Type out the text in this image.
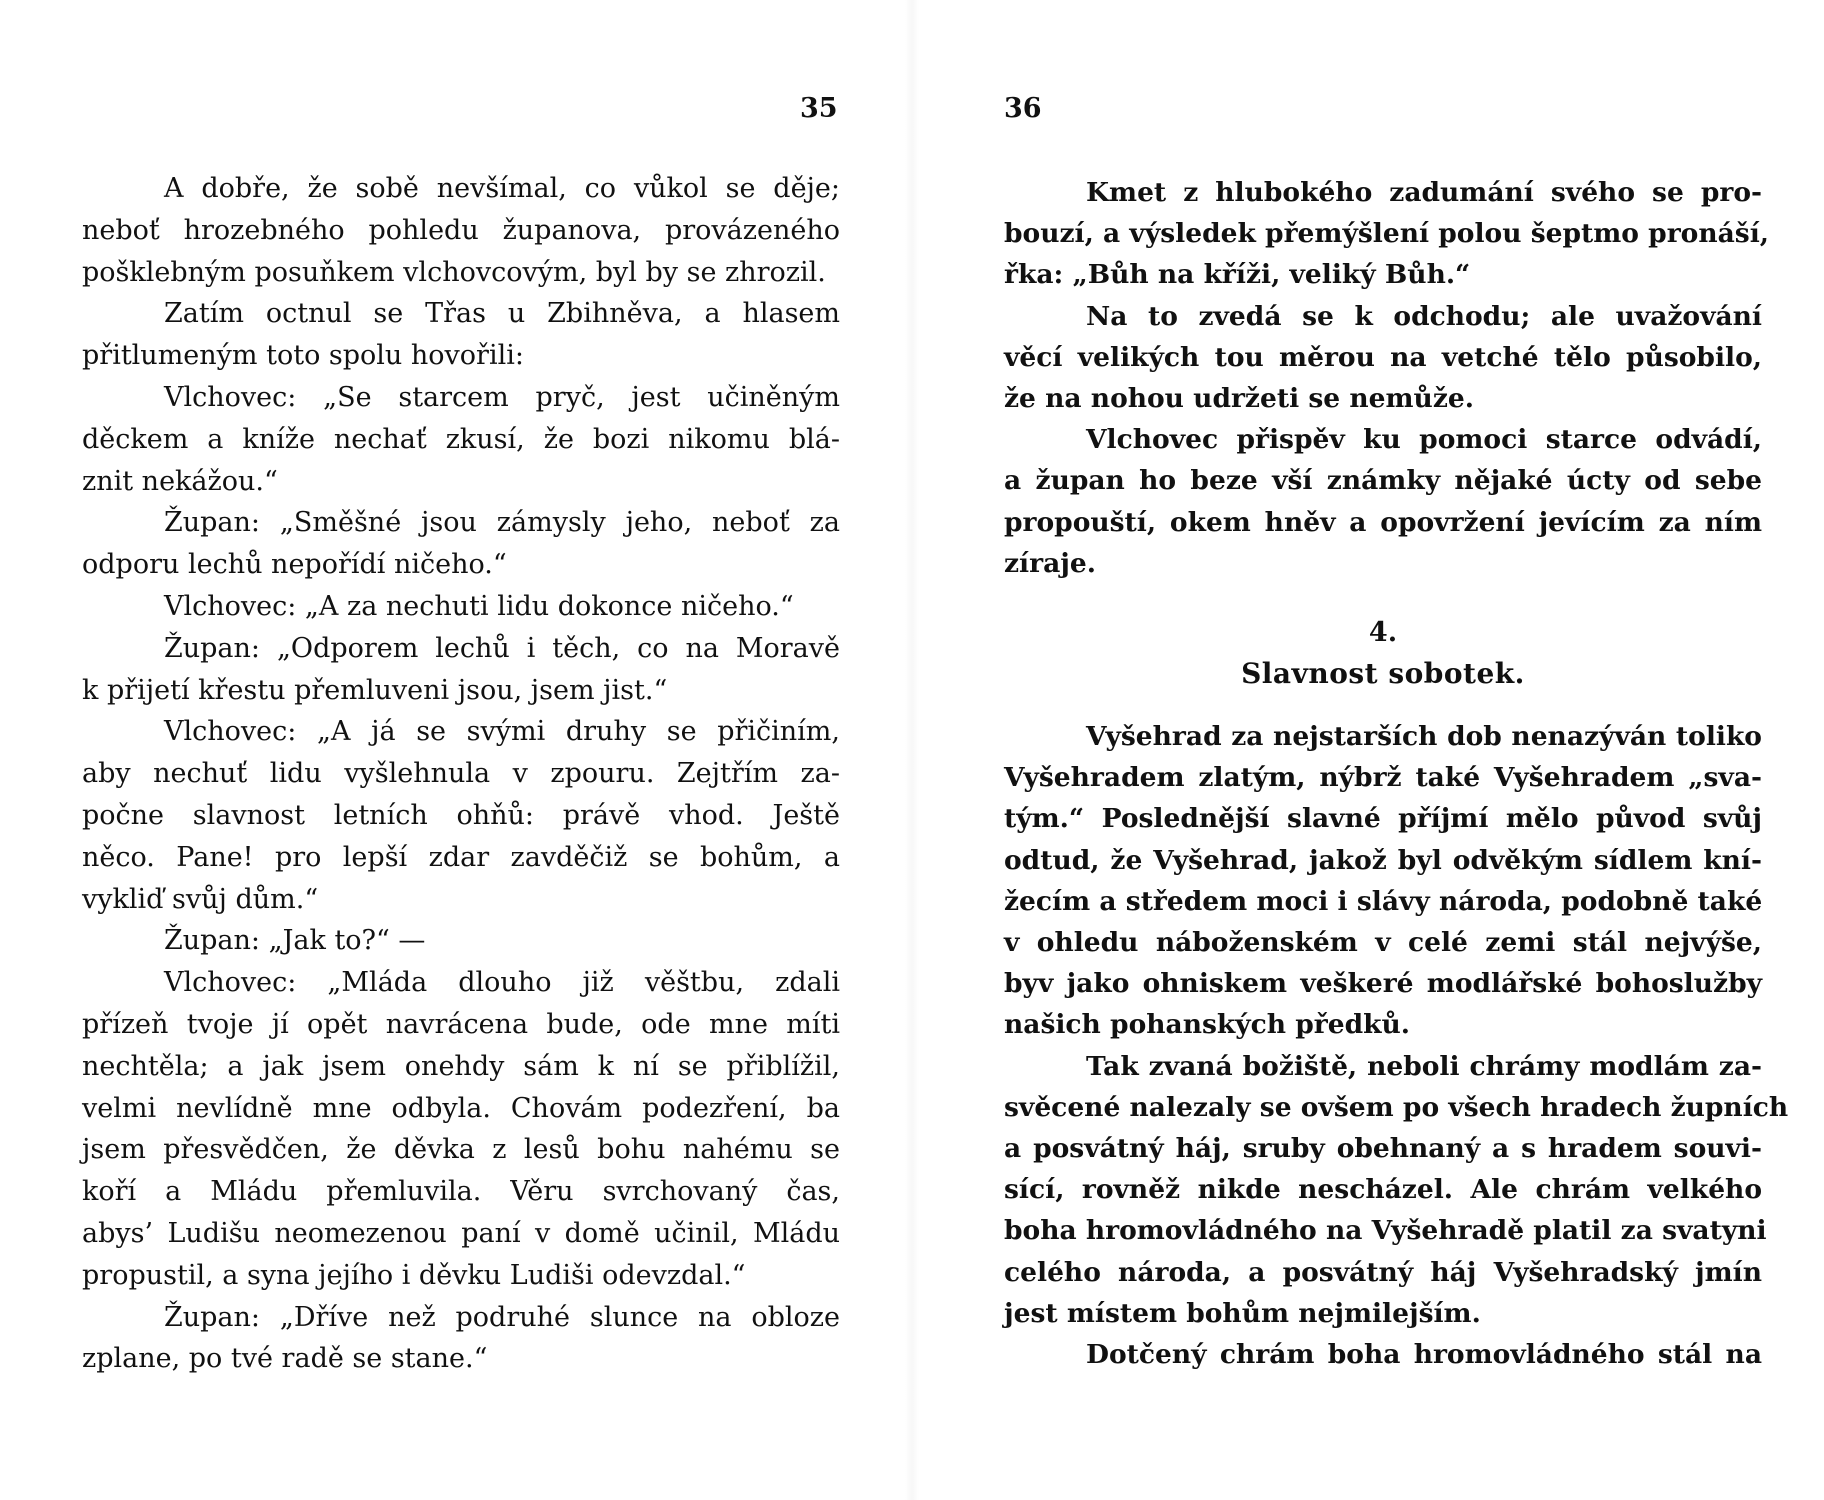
35
A dobře, že sobě nevšímal, co vůkol se děje;
neboť hrozebného pohledu županova, provázeného
pošklebným posuňkem vlchovcovým, byl by se zhrozil.
Zatím octnul se Třas u Zbihněva, a hlasem
přitlumeným toto spolu hovořili:
Vlchovec: „Se starcem pryč, jest učiněným
děckem a kníže nechať zkusí, že bozi nikomu blá-
znit nekážou.“
Župan: „Směšné jsou zámysly jeho, neboť za
odporu lechů nepořídí ničeho.“
Vlchovec: „A za nechuti lidu dokonce ničeho.“
Župan: „Odporem lechů i těch, co na Moravě
k přijetí křestu přemluveni jsou, jsem jist.“
Vlchovec: „A já se svými druhy se přičiním,
aby nechuť lidu vyšlehnula v zpouru. Zejtřím za-
počne slavnost letních ohňů: právě vhod. Ještě
něco. Pane! pro lepší zdar zavděčiž se bohům, a
vykliď svůj dům.“
Župan: „Jak to?“ —
Vlchovec: „Mláda dlouho již věštbu, zdali
přízeň tvoje jí opět navrácena bude, ode mne míti
nechtěla; a jak jsem onehdy sám k ní se přiblížil,
velmi nevlídně mne odbyla. Chovám podezření, ba
jsem přesvědčen, že děvka z lesů bohu nahému se
koří a Mládu přemluvila. Věru svrchovaný čas,
abys’ Ludišu neomezenou paní v domě učinil, Mládu
propustil, a syna jejího i děvku Ludiši odevzdal.“
Župan: „Dříve než podruhé slunce na obloze
zplane, po tvé radě se stane.“
36
Kmet z hlubokého zadumání svého se pro-
bouzí, a výsledek přemýšlení polou šeptmo pronáší,
řka: „Bůh na kříži, veliký Bůh.“
Na to zvedá se k odchodu; ale uvažování
věcí velikých tou měrou na vetché tělo působilo,
že na nohou udržeti se nemůže.
Vlchovec přispěv ku pomoci starce odvádí,
a župan ho beze vší známky nějaké úcty od sebe
propouští, okem hněv a opovržení jevícím za ním
zíraje.
4.
Slavnost sobotek.
Vyšehrad za nejstarších dob nenazýván toliko
Vyšehradem zlatým, nýbrž také Vyšehradem „sva-
tým.“ Poslednější slavné příjmí mělo původ svůj
odtud, že Vyšehrad, jakož byl odvěkým sídlem kní-
žecím a středem moci i slávy národa, podobně také
v ohledu náboženském v celé zemi stál nejvýše,
byv jako ohniskem veškeré modlářské bohoslužby
našich pohanských předků.
Tak zvaná božiště, neboli chrámy modlám za-
svěcené nalezaly se ovšem po všech hradech župních
a posvátný háj, sruby obehnaný a s hradem souvi-
sící, rovněž nikde nescházel. Ale chrám velkého
boha hromovládného na Vyšehradě platil za svatyni
celého národa, a posvátný háj Vyšehradský jmín
jest místem bohům nejmilejším.
Dotčený chrám boha hromovládného stál na
